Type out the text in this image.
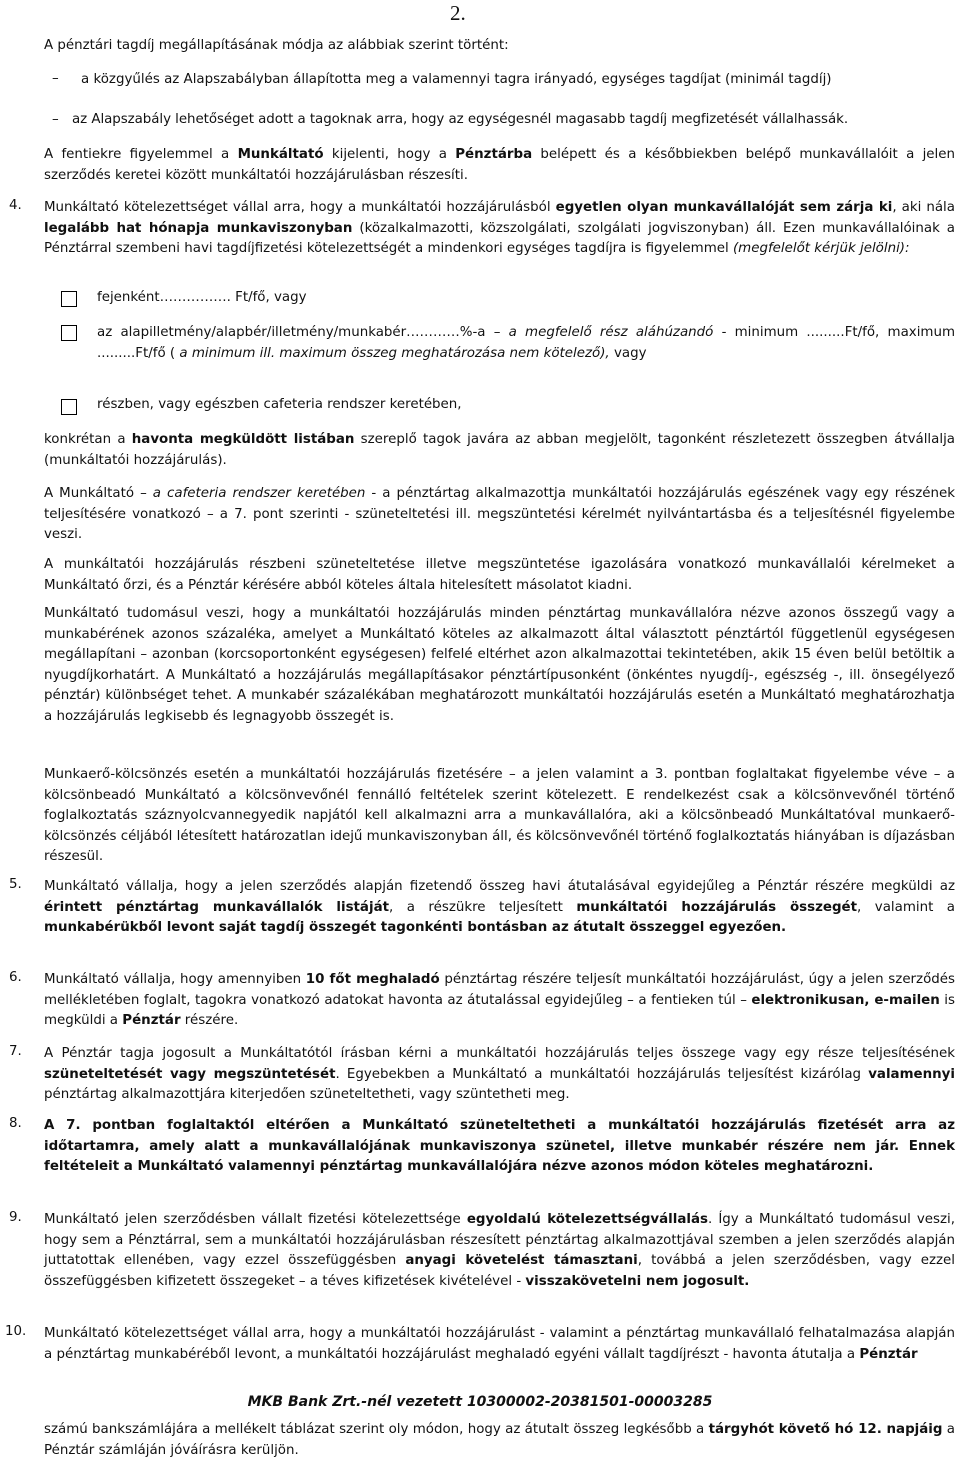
2.
A pénztári tagdíj megállapításának módja az alábbiak szerint történt:
– a közgyűlés az Alapszabályban állapította meg a valamennyi tagra irányadó, egységes tagdíjat (minimál tagdíj)
– az Alapszabály lehetőséget adott a tagoknak arra, hogy az egységesnél magasabb tagdíj megfizetését vállalhassák.
A fentiekre figyelemmel a Munkáltató kijelenti, hogy a Pénztárba belépett és a későbbiekben belépő munkavállalóit a jelen szerződés keretei között munkáltatói hozzájárulásban részesíti.
4. Munkáltató kötelezettséget vállal arra, hogy a munkáltatói hozzájárulásból egyetlen olyan munkavállalóját sem zárja ki, aki nála legalább hat hónapja munkaviszonyban (közalkalmazotti, közszolgálati, szolgálati jogviszonyban) áll. Ezen munkavállalóinak a Pénztárral szembeni havi tagdíjfizetési kötelezettségét a mindenkori egységes tagdíjra is figyelemmel (megfelelőt kérjük jelölni):
fejenként……………. Ft/fő, vagy
az alapilletmény/alapbér/illetmény/munkabér…………%-a – a megfelelő rész aláhúzandó - minimum .........Ft/fő, maximum .........Ft/fő ( a minimum ill. maximum összeg meghatározása nem kötelező), vagy
részben, vagy egészben cafeteria rendszer keretében,
konkrétan a havonta megküldött listában szereplő tagok javára az abban megjelölt, tagonként részletezett összegben átvállalja (munkáltatói hozzájárulás).
A Munkáltató – a cafeteria rendszer keretében - a pénztártag alkalmazottja munkáltatói hozzájárulás egészének vagy egy részének teljesítésére vonatkozó – a 7. pont szerinti - szüneteltetési ill. megszüntetési kérelmét nyilvántartásba és a teljesítésnél figyelembe veszi.
A munkáltatói hozzájárulás részbeni szüneteltetése illetve megszüntetése igazolására vonatkozó munkavállalói kérelmeket a Munkáltató őrzi, és a Pénztár kérésére abból köteles általa hitelesített másolatot kiadni.
Munkáltató tudomásul veszi, hogy a munkáltatói hozzájárulás minden pénztártag munkavállalóra nézve azonos összegű vagy a munkabérének azonos százaléka, amelyet a Munkáltató köteles az alkalmazott által választott pénztártól függetlenül egységesen megállapítani – azonban (korcsoportonként egységesen) felfelé eltérhet azon alkalmazottai tekintetében, akik 15 éven belül betöltik a nyugdíjkorhatárt. A Munkáltató a hozzájárulás megállapításakor pénztártípusonként (önkéntes nyugdíj-, egészség -, ill. önsegélyező pénztár) különbséget tehet. A munkabér százalékában meghatározott munkáltatói hozzájárulás esetén a Munkáltató meghatározhatja a hozzájárulás legkisebb és legnagyobb összegét is.
Munkaerő-kölcsönzés esetén a munkáltatói hozzájárulás fizetésére – a jelen valamint a 3. pontban foglaltakat figyelembe véve – a kölcsönbeadó Munkáltató a kölcsönvevőnél fennálló feltételek szerint kötelezett. E rendelkezést csak a kölcsönvevőnél történő foglalkoztatás száznyolcvannegyedik napjától kell alkalmazni arra a munkavállalóra, aki a kölcsönbeadó Munkáltatóval munkaerő-kölcsönzés céljából létesített határozatlan idejű munkaviszonyban áll, és kölcsönvevőnél történő foglalkoztatás hiányában is díjazásban részesül.
5. Munkáltató vállalja, hogy a jelen szerződés alapján fizetendő összeg havi átutalásával egyidejűleg a Pénztár részére megküldi az érintett pénztártag munkavállalók listáját, a részükre teljesített munkáltatói hozzájárulás összegét, valamint a munkabérükből levont saját tagdíj összegét tagonkénti bontásban az átutalt összeggel egyezően.
6. Munkáltató vállalja, hogy amennyiben 10 főt meghaladó pénztártag részére teljesít munkáltatói hozzájárulást, úgy a jelen szerződés mellékletében foglalt, tagokra vonatkozó adatokat havonta az átutalással egyidejűleg – a fentieken túl – elektronikusan, e-mailen is megküldi a Pénztár részére.
7. A Pénztár tagja jogosult a Munkáltatótól írásban kérni a munkáltatói hozzájárulás teljes összege vagy egy része teljesítésének szüneteltetését vagy megszüntetését. Egyebekben a Munkáltató a munkáltatói hozzájárulás teljesítést kizárólag valamennyi pénztártag alkalmazottjára kiterjedően szüneteltetheti, vagy szüntetheti meg.
8. A 7. pontban foglaltaktól eltérően a Munkáltató szüneteltetheti a munkáltatói hozzájárulás fizetését arra az időtartamra, amely alatt a munkavállalójának munkaviszonya szünetel, illetve munkabér részére nem jár. Ennek feltételeit a Munkáltató valamennyi pénztártag munkavállalójára nézve azonos módon köteles meghatározni.
9. Munkáltató jelen szerződésben vállalt fizetési kötelezettsége egyoldalú kötelezettségvállalás. Így a Munkáltató tudomásul veszi, hogy sem a Pénztárral, sem a munkáltatói hozzájárulásban részesített pénztártag alkalmazottjával szemben a jelen szerződés alapján juttatottak ellenében, vagy ezzel összefüggésben anyagi követelést támasztani, továbbá a jelen szerződésben, vagy ezzel összefüggésben kifizetett összegeket – a téves kifizetések kivételével - visszakövetelni nem jogosult.
10. Munkáltató kötelezettséget vállal arra, hogy a munkáltatói hozzájárulást - valamint a pénztártag munkavállaló felhatalmazása alapján a pénztártag munkabéréből levont, a munkáltatói hozzájárulást meghaladó egyéni vállalt tagdíjrészt - havonta átutalja a Pénztár
MKB Bank Zrt.-nél vezetett 10300002-20381501-00003285
számú bankszámlájára a mellékelt táblázat szerint oly módon, hogy az átutalt összeg legkésőbb a tárgyhót követő hó 12. napjáig a Pénztár számláján jóváírásra kerüljön.
